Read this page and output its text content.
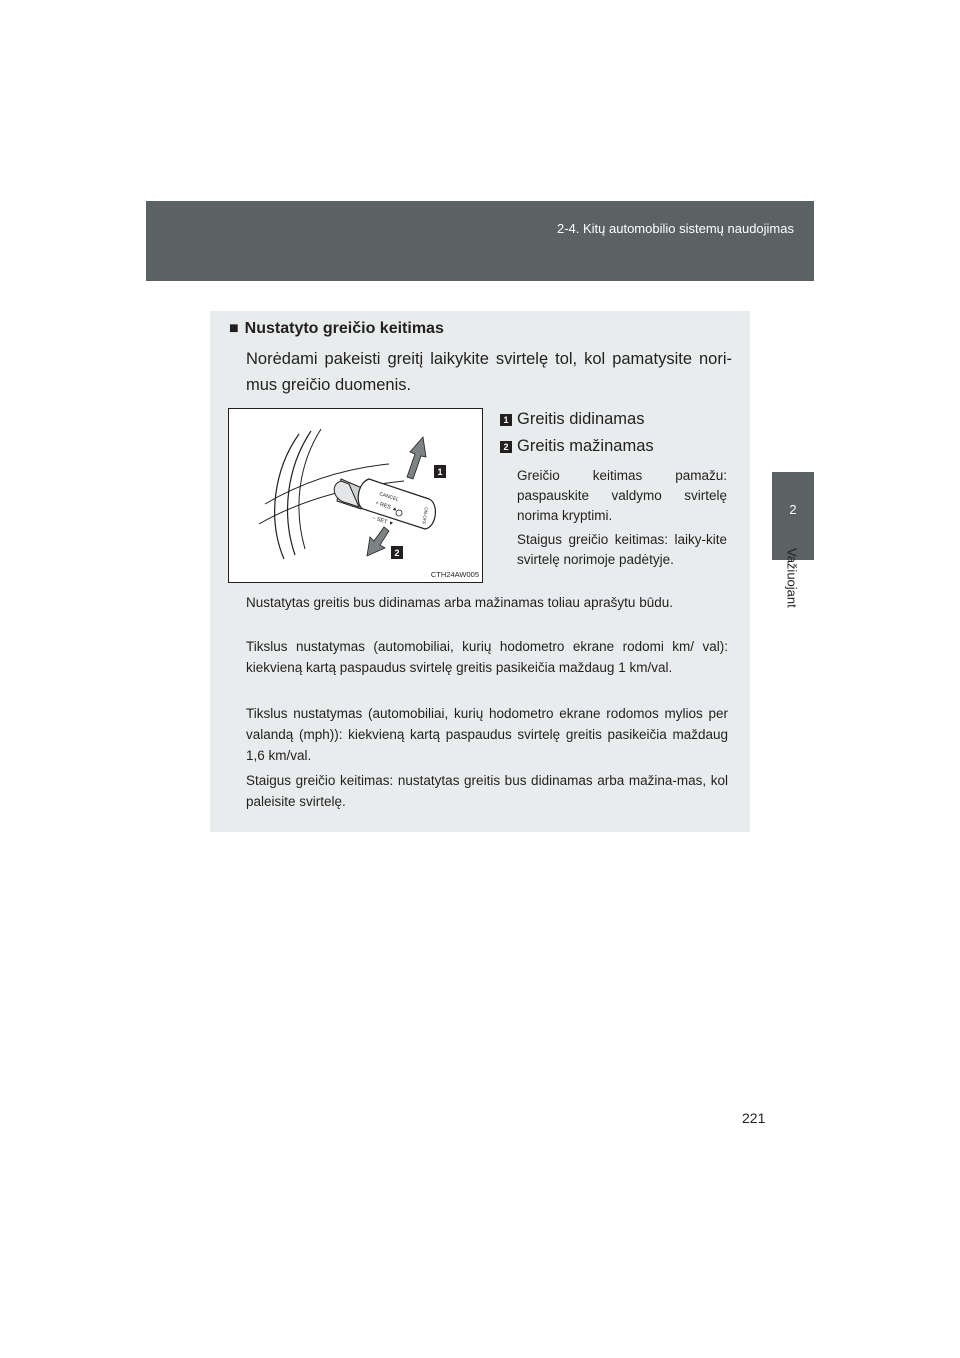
2-4. Kitų automobilio sistemų naudojimas
2
Važiuojant
■ Nustatyto greičio keitimas
Norėdami pakeisti greitį laikykite svirtelę tol, kol pamatysite nori-mus greičio duomenis.
CANCEL
+ RES ▲
– SET ▼	ON-OFF
1
2
CTH24AW005
1 Greitis didinamas
2 Greitis mažinamas
Greičio keitimas pamažu: paspauskite valdymo svirtelę norima kryptimi.
Staigus greičio keitimas: laiky-kite svirtelę norimoje padėtyje.
Nustatytas greitis bus didinamas arba mažinamas toliau aprašytu būdu.
Tikslus nustatymas (automobiliai, kurių hodometro ekrane rodomi km/ val): kiekvieną kartą paspaudus svirtelę greitis pasikeičia maždaug 1 km/val.
Tikslus nustatymas (automobiliai, kurių hodometro ekrane rodomos mylios per valandą (mph)): kiekvieną kartą paspaudus svirtelę greitis pasikeičia maždaug 1,6 km/val.
Staigus greičio keitimas: nustatytas greitis bus didinamas arba mažina-mas, kol paleisite svirtelę.
221
